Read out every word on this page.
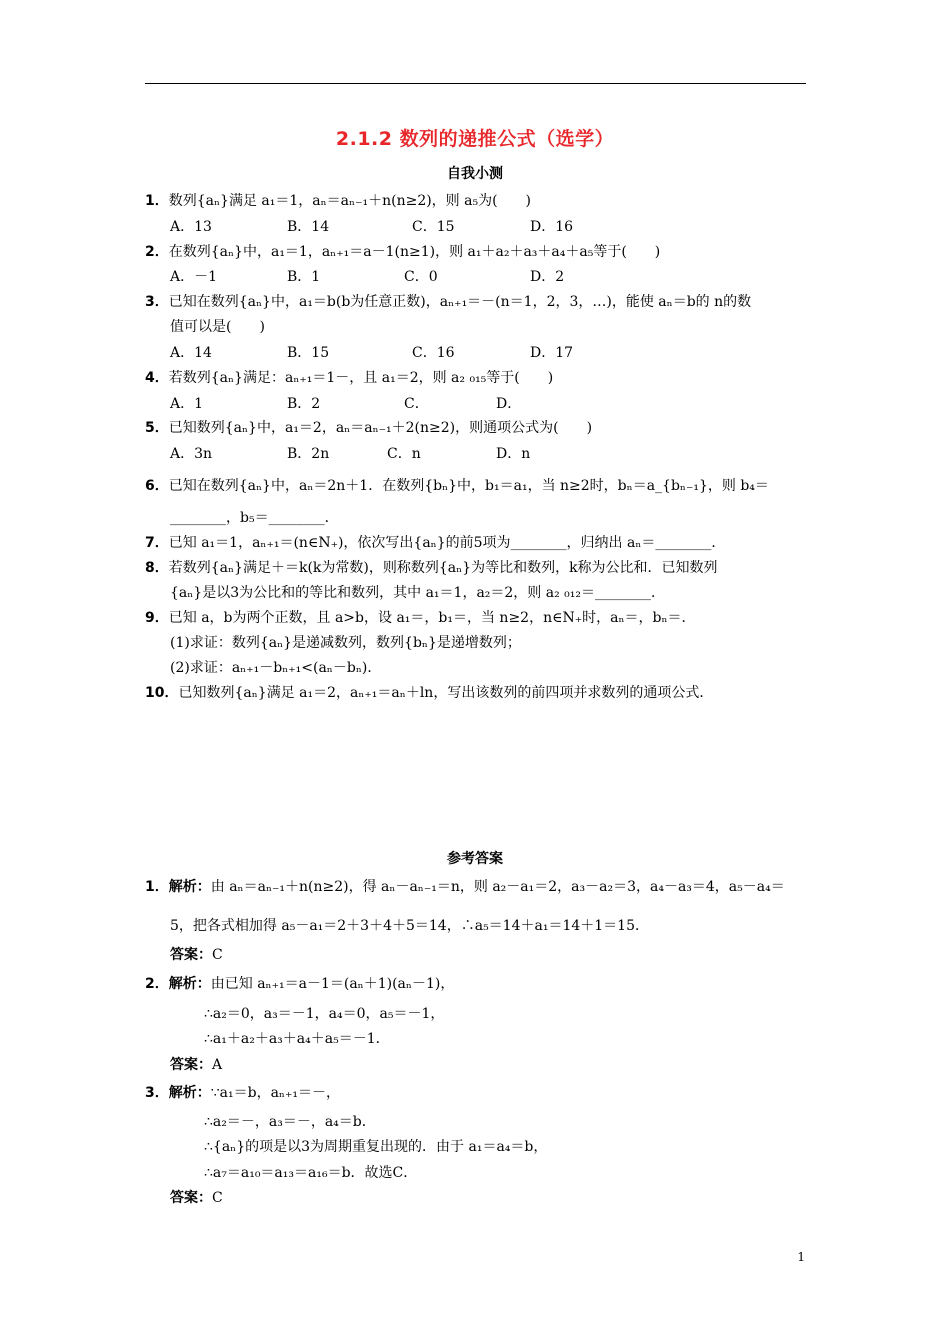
2.1.2 数列的递推公式（选学）
自我小测
1．数列{aₙ}满足 a₁＝1，aₙ＝aₙ₋₁＋n(n≥2)，则 a₅为(　　)
A．13	B．14	C．15	D．16
2．在数列{aₙ}中，a₁＝1，aₙ₊₁＝a－1(n≥1)，则 a₁＋a₂＋a₃＋a₄＋a₅等于(　　)
A．－1	B．1	C．0	D．2
3．已知在数列{aₙ}中，a₁＝b(b为任意正数)，aₙ₊₁＝－(n＝1，2，3，…)，能使 aₙ＝b的 n的数
值可以是(　　)
A．14	B．15	C．16	D．17
4．若数列{aₙ}满足：aₙ₊₁＝1－，且 a₁＝2，则 a₂ ₀₁₅等于(　　)
A．1	B．2	C．	D．
5．已知数列{aₙ}中，a₁＝2，aₙ＝aₙ₋₁＋2(n≥2)，则通项公式为(　　)
A．3n	B．2n	C．n	D．n
6．已知在数列{aₙ}中，aₙ＝2n＋1．在数列{bₙ}中，b₁＝a₁，当 n≥2时，bₙ＝a_{bₙ₋₁}，则 b₄＝
________，b₅＝________．
7．已知 a₁＝1，aₙ₊₁＝(n∈N₊)，依次写出{aₙ}的前5项为________，归纳出 aₙ＝________．
8．若数列{aₙ}满足＋＝k(k为常数)，则称数列{aₙ}为等比和数列，k称为公比和．已知数列
{aₙ}是以3为公比和的等比和数列，其中 a₁＝1，a₂＝2，则 a₂ ₀₁₂＝________．
9．已知 a，b为两个正数，且 a>b，设 a₁＝，b₁＝，当 n≥2，n∈N₊时，aₙ＝，bₙ＝．
(1)求证：数列{aₙ}是递减数列，数列{bₙ}是递增数列；
(2)求证：aₙ₊₁－bₙ₊₁<(aₙ－bₙ)．
10．已知数列{aₙ}满足 a₁＝2，aₙ₊₁＝aₙ＋ln，写出该数列的前四项并求数列的通项公式．
参考答案
1．解析：由 aₙ＝aₙ₋₁＋n(n≥2)，得 aₙ－aₙ₋₁＝n，则 a₂－a₁＝2，a₃－a₂＝3，a₄－a₃＝4，a₅－a₄＝
5，把各式相加得 a₅－a₁＝2＋3＋4＋5＝14，∴a₅＝14＋a₁＝14＋1＝15．
答案：C
2．解析：由已知 aₙ₊₁＝a－1＝(aₙ＋1)(aₙ－1)，
∴a₂＝0，a₃＝－1，a₄＝0，a₅＝－1，
∴a₁＋a₂＋a₃＋a₄＋a₅＝－1．
答案：A
3．解析：∵a₁＝b，aₙ₊₁＝－，
∴a₂＝－，a₃＝－，a₄＝b．
∴{aₙ}的项是以3为周期重复出现的．由于 a₁＝a₄＝b，
∴a₇＝a₁₀＝a₁₃＝a₁₆＝b．故选C．
答案：C
1
